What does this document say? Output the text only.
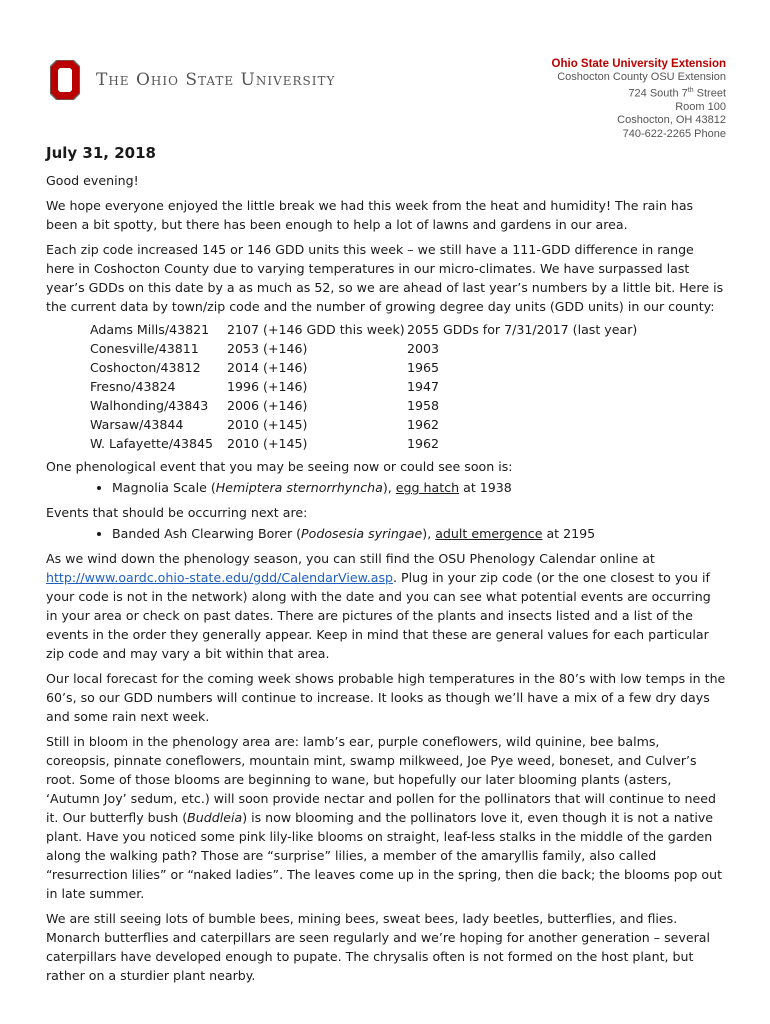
The Ohio State University
Ohio State University Extension
Coshocton County OSU Extension
724 South 7th Street
Room 100
Coshocton, OH 43812
740-622-2265 Phone
July 31, 2018

Good evening!

We hope everyone enjoyed the little break we had this week from the heat and humidity! The rain has been a bit spotty, but there has been enough to help a lot of lawns and gardens in our area.

Each zip code increased 145 or 146 GDD units this week – we still have a 111-GDD difference in range here in Coshocton County due to varying temperatures in our micro-climates. We have surpassed last year’s GDDs on this date by a as much as 52, so we are ahead of last year’s numbers by a little bit. Here is the current data by town/zip code and the number of growing degree day units (GDD units) in our county:

Adams Mills/43821	2107 (+146 GDD this week)	2055 GDDs for 7/31/2017 (last year)
Conesville/43811	2053 (+146)	2003
Coshocton/43812	2014 (+146)	1965
Fresno/43824	1996 (+146)	1947
Walhonding/43843	2006 (+146)	1958
Warsaw/43844	2010 (+145)	1962
W. Lafayette/43845	2010 (+145)	1962

One phenological event that you may be seeing now or could see soon is:

• Magnolia Scale (Hemiptera sternorrhyncha), egg hatch at 1938

Events that should be occurring next are:

• Banded Ash Clearwing Borer (Podosesia syringae), adult emergence at 2195

As we wind down the phenology season, you can still find the OSU Phenology Calendar online at http://www.oardc.ohio-state.edu/gdd/CalendarView.asp. Plug in your zip code (or the one closest to you if your code is not in the network) along with the date and you can see what potential events are occurring in your area or check on past dates. There are pictures of the plants and insects listed and a list of the events in the order they generally appear. Keep in mind that these are general values for each particular zip code and may vary a bit within that area.

Our local forecast for the coming week shows probable high temperatures in the 80’s with low temps in the 60’s, so our GDD numbers will continue to increase. It looks as though we’ll have a mix of a few dry days and some rain next week.

Still in bloom in the phenology area are: lamb’s ear, purple coneflowers, wild quinine, bee balms, coreopsis, pinnate coneflowers, mountain mint, swamp milkweed, Joe Pye weed, boneset, and Culver’s root. Some of those blooms are beginning to wane, but hopefully our later blooming plants (asters, ‘Autumn Joy’ sedum, etc.) will soon provide nectar and pollen for the pollinators that will continue to need it. Our butterfly bush (Buddleia) is now blooming and the pollinators love it, even though it is not a native plant. Have you noticed some pink lily-like blooms on straight, leaf-less stalks in the middle of the garden along the walking path? Those are “surprise” lilies, a member of the amaryllis family, also called “resurrection lilies” or “naked ladies”. The leaves come up in the spring, then die back; the blooms pop out in late summer.

We are still seeing lots of bumble bees, mining bees, sweat bees, lady beetles, butterflies, and flies. Monarch butterflies and caterpillars are seen regularly and we’re hoping for another generation – several caterpillars have developed enough to pupate. The chrysalis often is not formed on the host plant, but rather on a sturdier plant nearby.
